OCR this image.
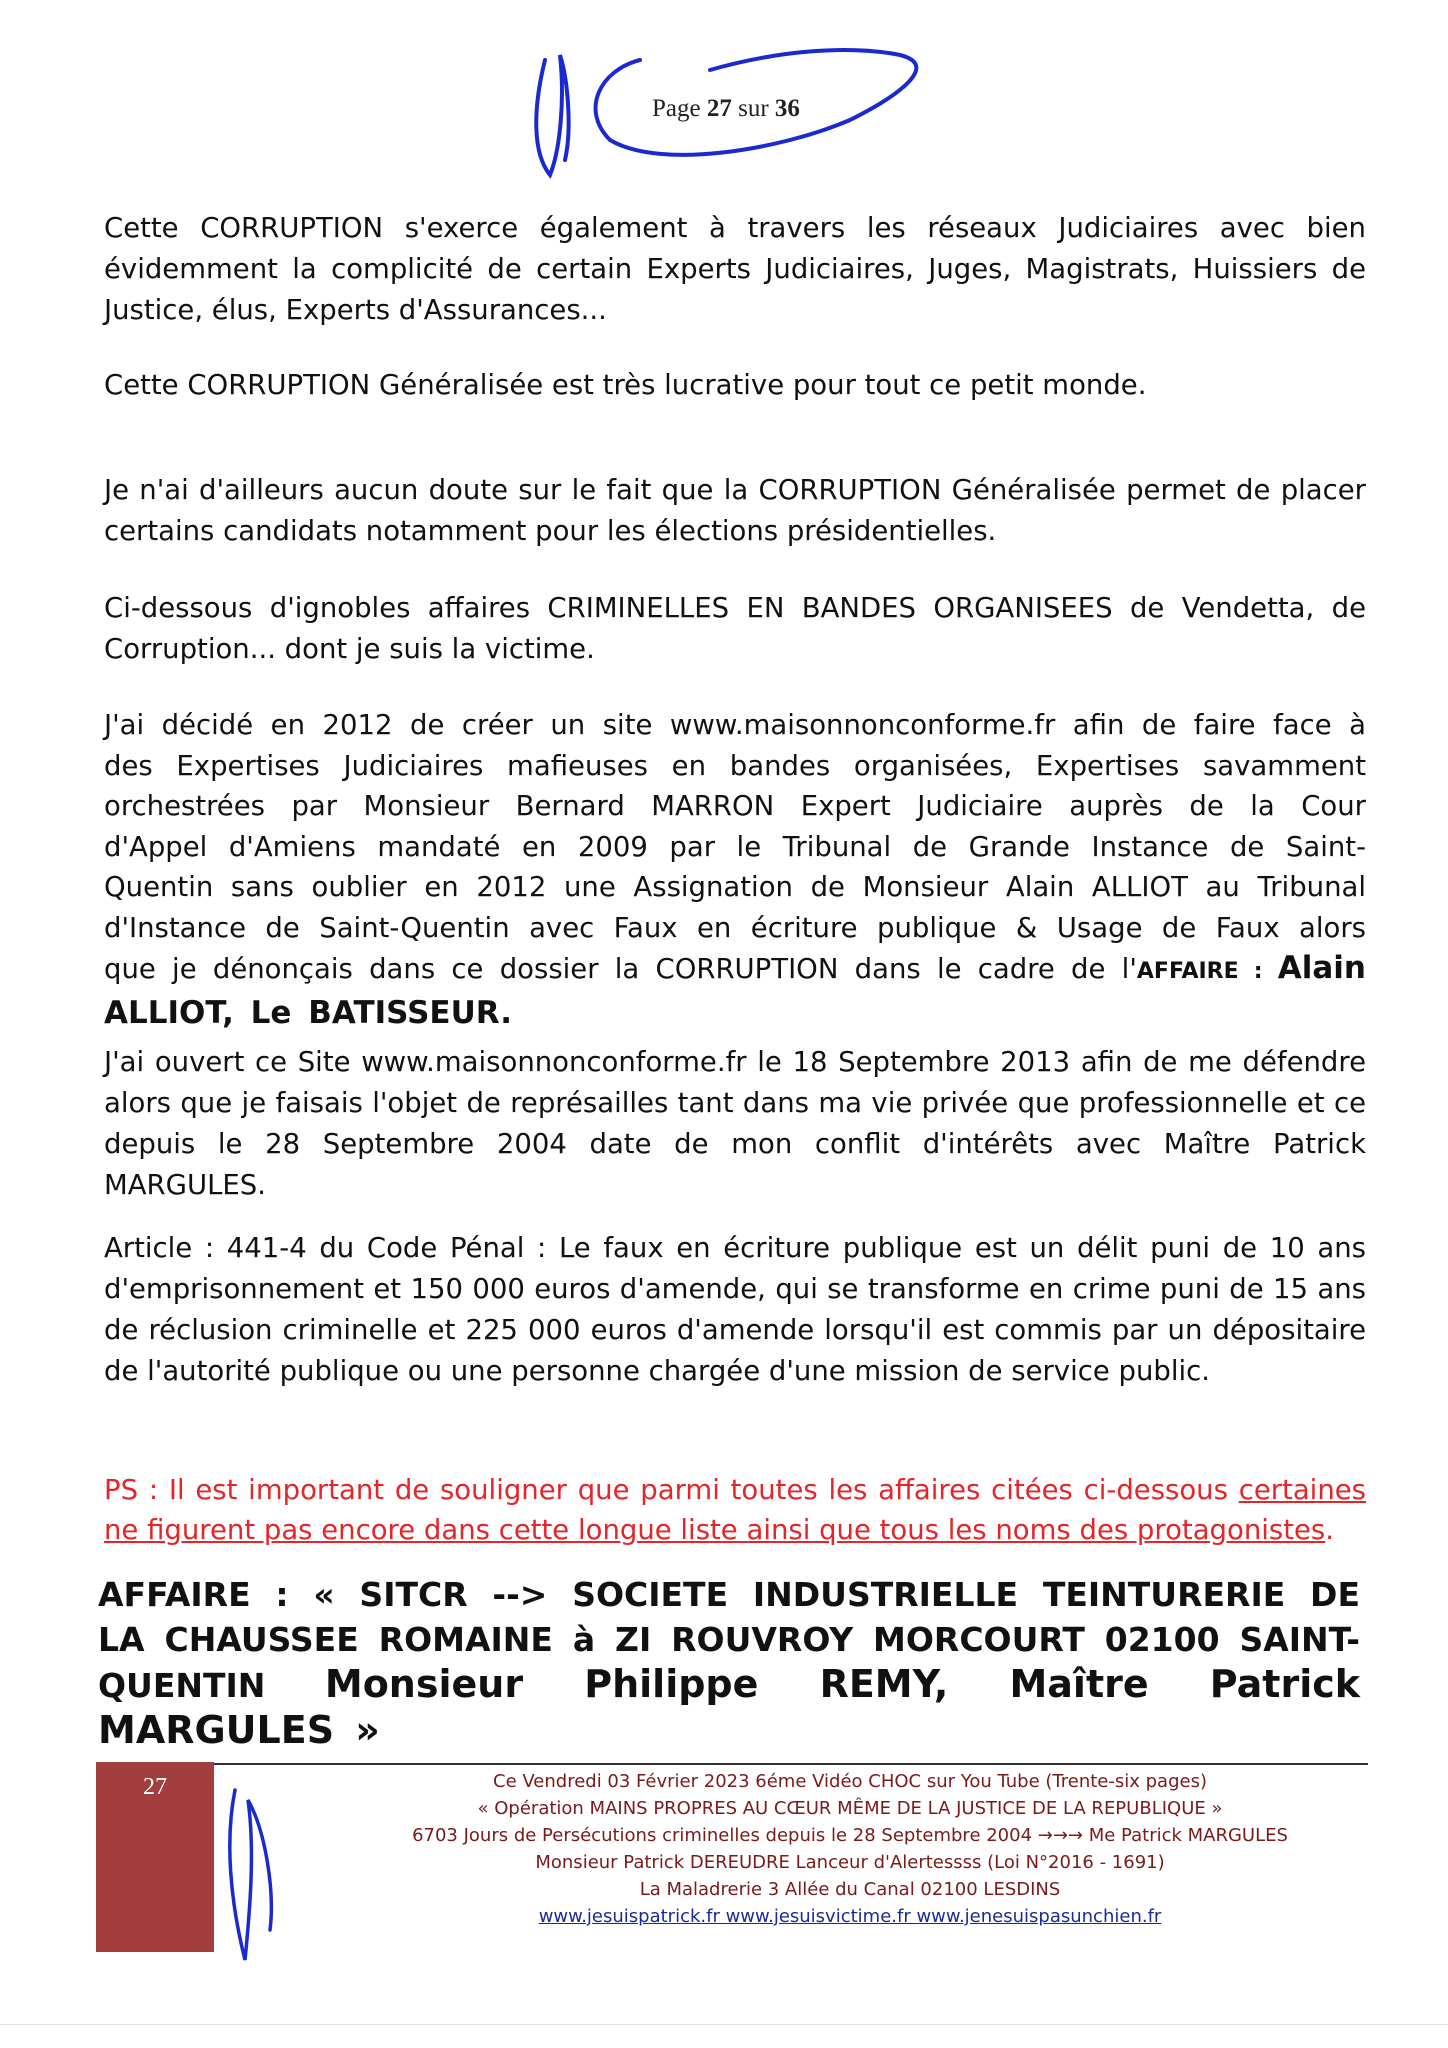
Page 27 sur 36

Cette CORRUPTION s'exerce également à travers les réseaux Judiciaires avec bien évidemment la complicité de certain Experts Judiciaires, Juges, Magistrats, Huissiers de Justice, élus, Experts d'Assurances...

Cette CORRUPTION Généralisée est très lucrative pour tout ce petit monde.

Je n'ai d'ailleurs aucun doute sur le fait que la CORRUPTION Généralisée permet de placer certains candidats notamment pour les élections présidentielles.

Ci-dessous d'ignobles affaires CRIMINELLES EN BANDES ORGANISEES de Vendetta, de Corruption... dont je suis la victime.

J'ai décidé en 2012 de créer un site www.maisonnonconforme.fr afin de faire face à des Expertises Judiciaires mafieuses en bandes organisées, Expertises savamment orchestrées par Monsieur Bernard MARRON Expert Judiciaire auprès de la Cour d'Appel d'Amiens mandaté en 2009 par le Tribunal de Grande Instance de Saint-Quentin sans oublier en 2012 une Assignation de Monsieur Alain ALLIOT au Tribunal d'Instance de Saint-Quentin avec Faux en écriture publique & Usage de Faux alors que je dénonçais dans ce dossier la CORRUPTION dans le cadre de l'AFFAIRE : Alain ALLIOT, Le BATISSEUR.

J'ai ouvert ce Site www.maisonnonconforme.fr le 18 Septembre 2013 afin de me défendre alors que je faisais l'objet de représailles tant dans ma vie privée que professionnelle et ce depuis le 28 Septembre 2004 date de mon conflit d'intérêts avec Maître Patrick MARGULES.

Article : 441-4 du Code Pénal : Le faux en écriture publique est un délit puni de 10 ans d'emprisonnement et 150 000 euros d'amende, qui se transforme en crime puni de 15 ans de réclusion criminelle et 225 000 euros d'amende lorsqu'il est commis par un dépositaire de l'autorité publique ou une personne chargée d'une mission de service public.

PS : Il est important de souligner que parmi toutes les affaires citées ci-dessous certaines ne figurent pas encore dans cette longue liste ainsi que tous les noms des protagonistes.

AFFAIRE : « SITCR --> SOCIETE INDUSTRIELLE TEINTURERIE DE LA CHAUSSEE ROMAINE à ZI ROUVROY MORCOURT 02100 SAINT-QUENTIN Monsieur Philippe REMY, Maître Patrick MARGULES »

27	Ce Vendredi 03 Février 2023 6éme Vidéo CHOC sur You Tube (Trente-six pages)
« Opération MAINS PROPRES AU CŒUR MÊME DE LA JUSTICE DE LA REPUBLIQUE »
6703 Jours de Persécutions criminelles depuis le 28 Septembre 2004 →→→ Me Patrick MARGULES
Monsieur Patrick DEREUDRE Lanceur d'Alertessss (Loi N°2016 - 1691)
La Maladrerie 3 Allée du Canal 02100 LESDINS
www.jesuispatrick.fr www.jesuisvictime.fr www.jenesuispasunchien.fr
